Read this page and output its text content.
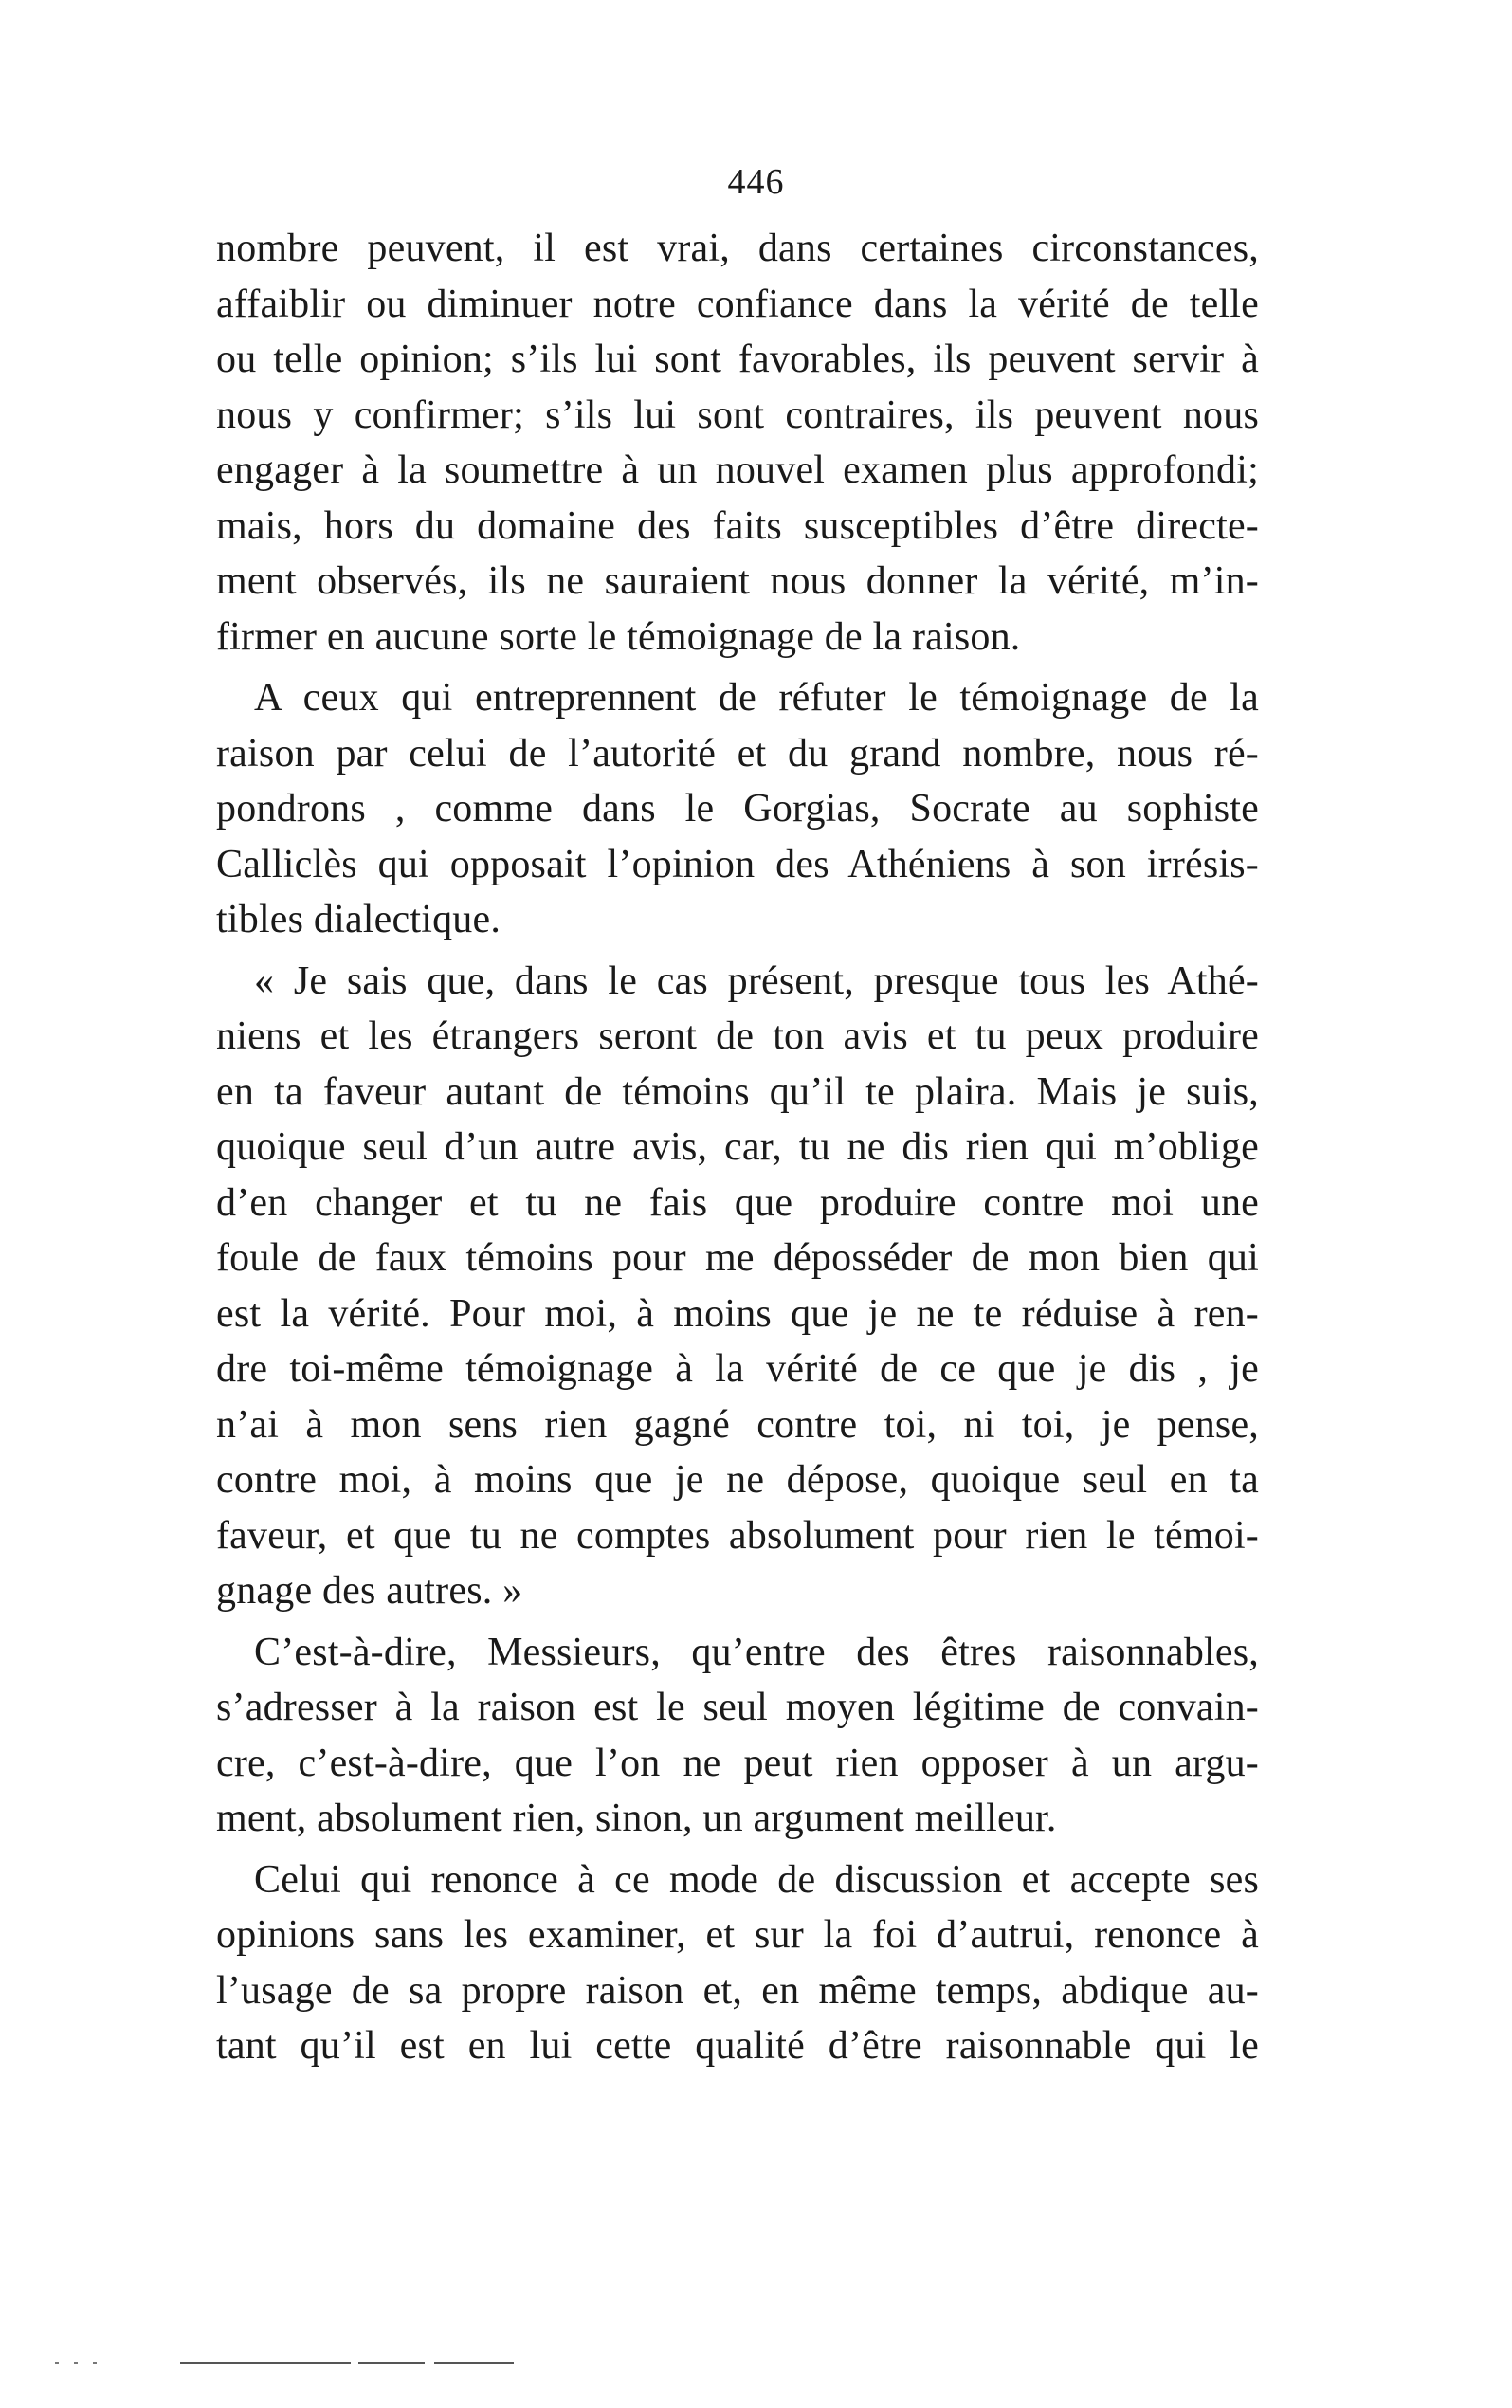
446
nombre peuvent, il est vrai, dans certaines circonstances,
affaiblir ou diminuer notre confiance dans la vérité de telle
ou telle opinion; s’ils lui sont favorables, ils peuvent servir à
nous y confirmer; s’ils lui sont contraires, ils peuvent nous
engager à la soumettre à un nouvel examen plus approfondi;
mais, hors du domaine des faits susceptibles d’être directe-
ment observés, ils ne sauraient nous donner la vérité, m’in-
firmer en aucune sorte le témoignage de la raison.
A ceux qui entreprennent de réfuter le témoignage de la
raison par celui de l’autorité et du grand nombre, nous ré-
pondrons , comme dans le Gorgias, Socrate au sophiste
Calliclès qui opposait l’opinion des Athéniens à son irrésis-
tibles dialectique.
« Je sais que, dans le cas présent, presque tous les Athé-
niens et les étrangers seront de ton avis et tu peux produire
en ta faveur autant de témoins qu’il te plaira. Mais je suis,
quoique seul d’un autre avis, car, tu ne dis rien qui m’oblige
d’en changer et tu ne fais que produire contre moi une
foule de faux témoins pour me déposséder de mon bien qui
est la vérité. Pour moi, à moins que je ne te réduise à ren-
dre toi-même témoignage à la vérité de ce que je dis , je
n’ai à mon sens rien gagné contre toi, ni toi, je pense,
contre moi, à moins que je ne dépose, quoique seul en ta
faveur, et que tu ne comptes absolument pour rien le témoi-
gnage des autres. »
C’est-à-dire, Messieurs, qu’entre des êtres raisonnables,
s’adresser à la raison est le seul moyen légitime de convain-
cre, c’est-à-dire, que l’on ne peut rien opposer à un argu-
ment, absolument rien, sinon, un argument meilleur.
Celui qui renonce à ce mode de discussion et accepte ses
opinions sans les examiner, et sur la foi d’autrui, renonce à
l’usage de sa propre raison et, en même temps, abdique au-
tant qu’il est en lui cette qualité d’être raisonnable qui le
